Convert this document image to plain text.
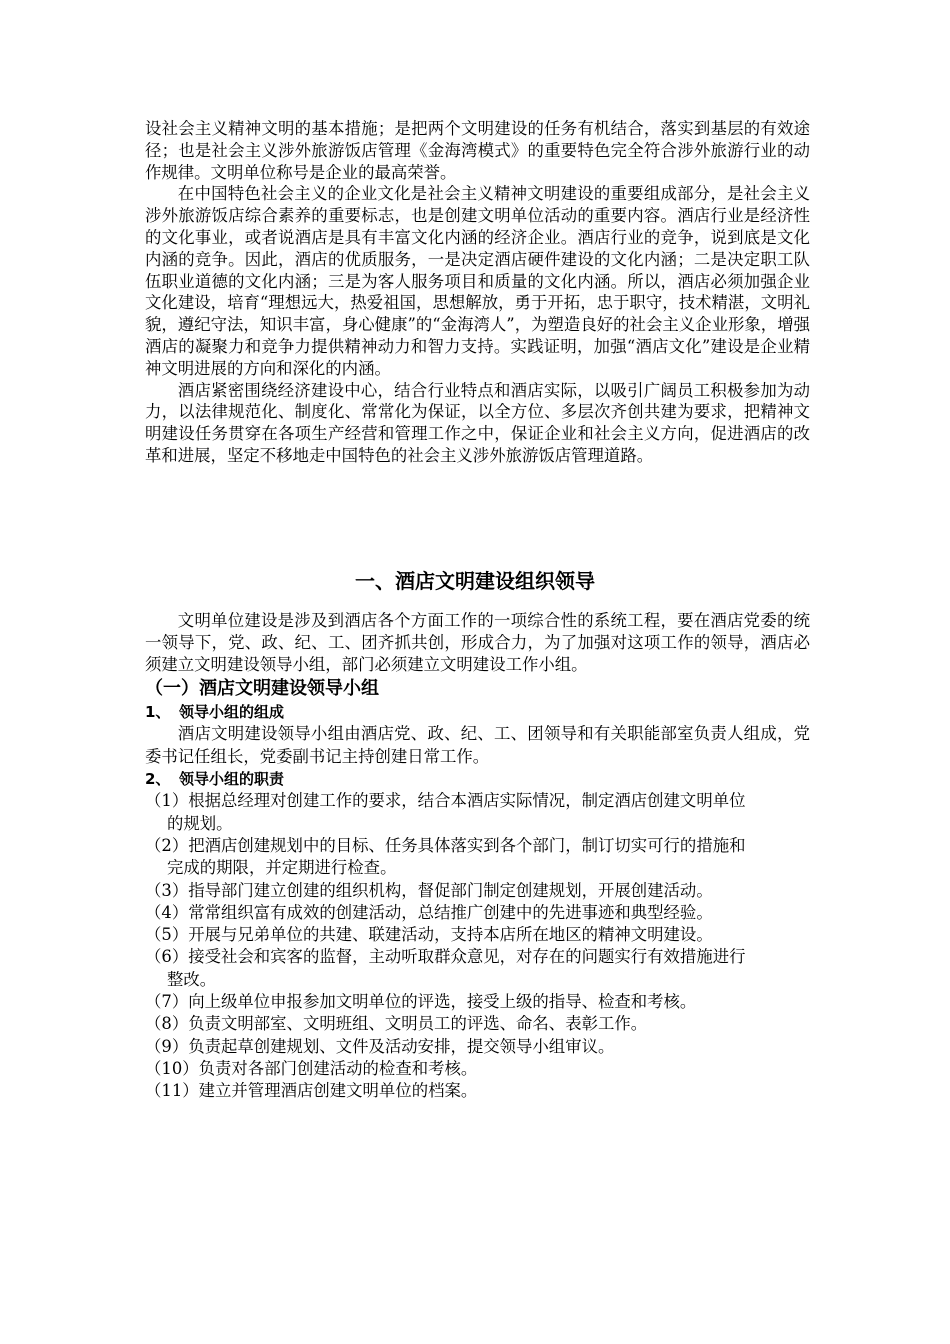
设社会主义精神文明的基本措施；是把两个文明建设的任务有机结合，落实到基层的有效途径；也是社会主义涉外旅游饭店管理《金海湾模式》的重要特色完全符合涉外旅游行业的动作规律。文明单位称号是企业的最高荣誉。

在中国特色社会主义的企业文化是社会主义精神文明建设的重要组成部分，是社会主义涉外旅游饭店综合素养的重要标志，也是创建文明单位活动的重要内容。酒店行业是经济性的文化事业，或者说酒店是具有丰富文化内涵的经济企业。酒店行业的竞争，说到底是文化内涵的竞争。因此，酒店的优质服务，一是决定酒店硬件建设的文化内涵；二是决定职工队伍职业道德的文化内涵；三是为客人服务项目和质量的文化内涵。所以，酒店必须加强企业文化建设，培育“理想远大，热爱祖国，思想解放，勇于开拓，忠于职守，技术精湛，文明礼貌，遵纪守法，知识丰富，身心健康”的“金海湾人”，为塑造良好的社会主义企业形象，增强酒店的凝聚力和竞争力提供精神动力和智力支持。实践证明，加强“酒店文化”建设是企业精神文明进展的方向和深化的内涵。

酒店紧密围绕经济建设中心，结合行业特点和酒店实际，以吸引广阔员工积极参加为动力，以法律规范化、制度化、常常化为保证，以全方位、多层次齐创共建为要求，把精神文明建设任务贯穿在各项生产经营和管理工作之中，保证企业和社会主义方向，促进酒店的改革和进展，坚定不移地走中国特色的社会主义涉外旅游饭店管理道路。

一、酒店文明建设组织领导

文明单位建设是涉及到酒店各个方面工作的一项综合性的系统工程，要在酒店党委的统一领导下，党、政、纪、工、团齐抓共创，形成合力，为了加强对这项工作的领导，酒店必须建立文明建设领导小组，部门必须建立文明建设工作小组。

（一）酒店文明建设领导小组
1、 领导小组的组成

酒店文明建设领导小组由酒店党、政、纪、工、团领导和有关职能部室负责人组成，党委书记任组长，党委副书记主持创建日常工作。

2、 领导小组的职责
（1）根据总经理对创建工作的要求，结合本酒店实际情况，制定酒店创建文明单位的规划。
（2）把酒店创建规划中的目标、任务具体落实到各个部门，制订切实可行的措施和完成的期限，并定期进行检查。
（3）指导部门建立创建的组织机构，督促部门制定创建规划，开展创建活动。
（4）常常组织富有成效的创建活动，总结推广创建中的先进事迹和典型经验。
（5）开展与兄弟单位的共建、联建活动，支持本店所在地区的精神文明建设。
（6）接受社会和宾客的监督，主动听取群众意见，对存在的问题实行有效措施进行整改。
（7）向上级单位申报参加文明单位的评选，接受上级的指导、检查和考核。
（8）负责文明部室、文明班组、文明员工的评选、命名、表彰工作。
（9）负责起草创建规划、文件及活动安排，提交领导小组审议。
（10）负责对各部门创建活动的检查和考核。
（11）建立并管理酒店创建文明单位的档案。
